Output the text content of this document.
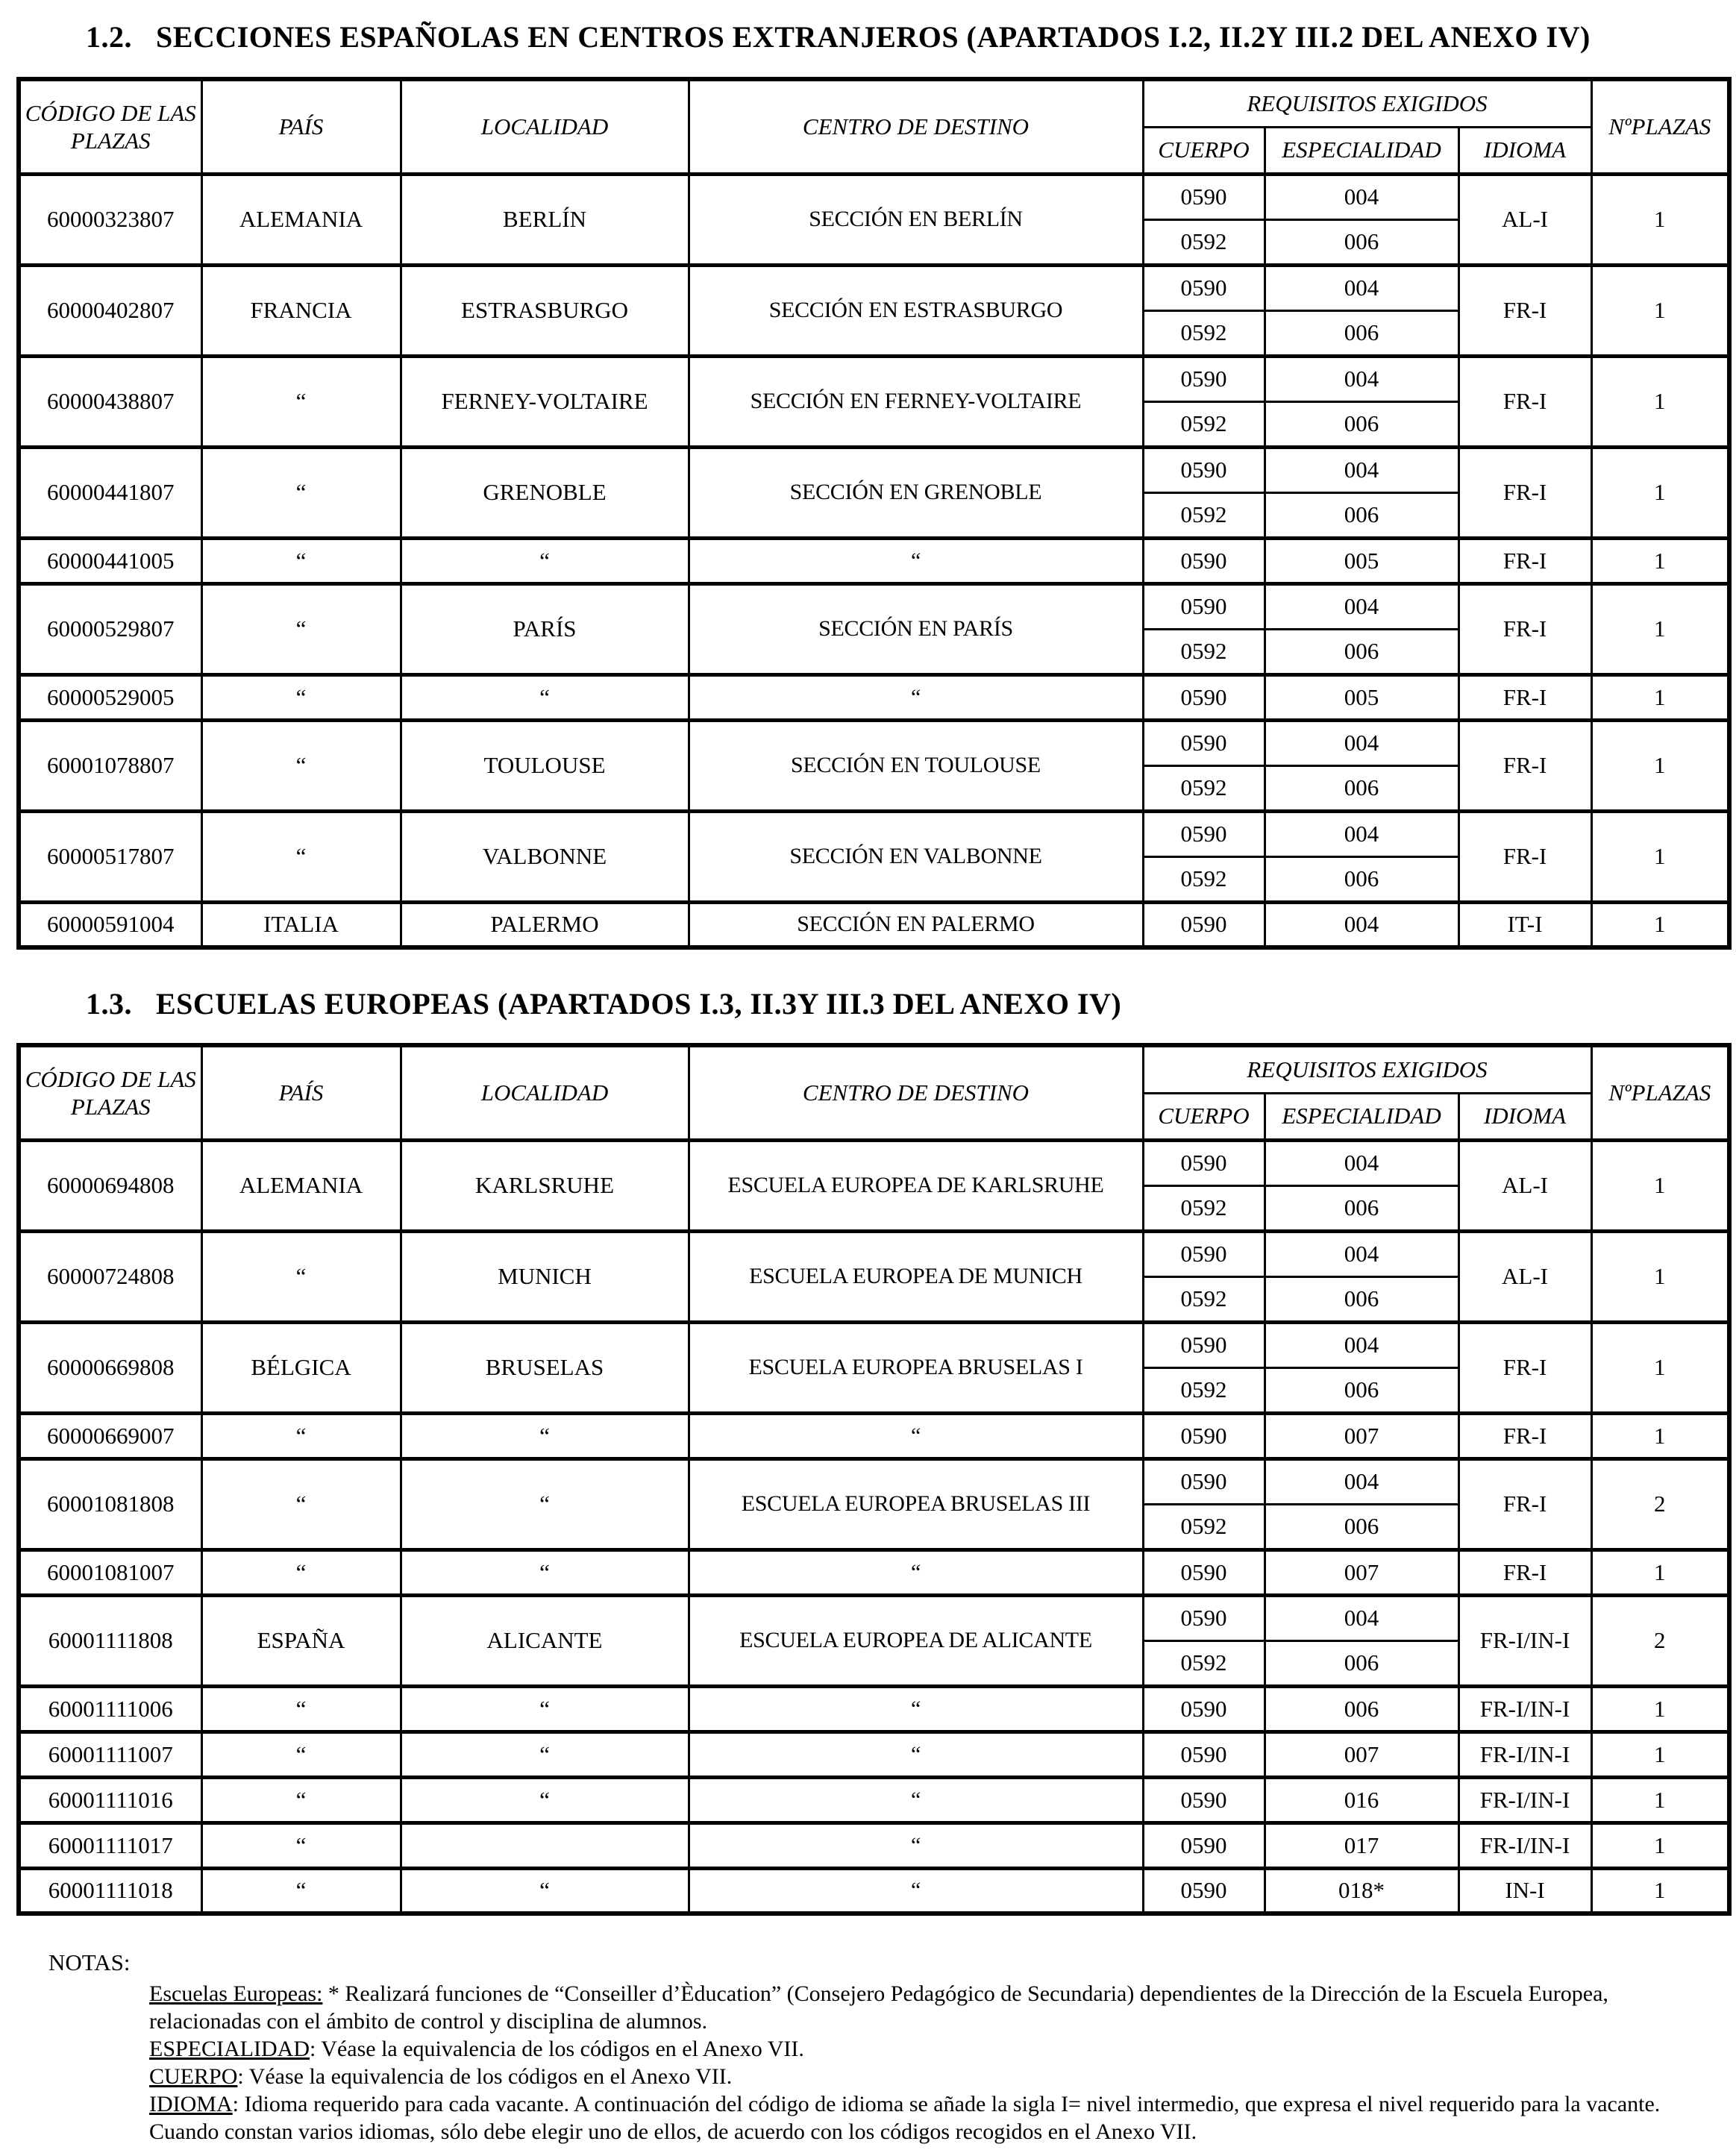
1.2. SECCIONES ESPAÑOLAS EN CENTROS EXTRANJEROS (APARTADOS I.2, II.2Y III.2 DEL ANEXO IV)
CÓDIGO DE LAS PLAZAS	PAÍS	LOCALIDAD	CENTRO DE DESTINO	REQUISITOS EXIGIDOS			NºPLAZAS
				CUERPO	ESPECIALIDAD	IDIOMA	
60000323807	ALEMANIA	BERLÍN	SECCIÓN EN BERLÍN	0590	004	AL-I	1
				0592	006		
60000402807	FRANCIA	ESTRASBURGO	SECCIÓN EN ESTRASBURGO	0590	004	FR-I	1
				0592	006		
60000438807	“	FERNEY-VOLTAIRE	SECCIÓN EN FERNEY-VOLTAIRE	0590	004	FR-I	1
				0592	006		
60000441807	“	GRENOBLE	SECCIÓN EN GRENOBLE	0590	004	FR-I	1
				0592	006		
60000441005	“	“	“	0590	005	FR-I	1
60000529807	“	PARÍS	SECCIÓN EN PARÍS	0590	004	FR-I	1
				0592	006		
60000529005	“	“	“	0590	005	FR-I	1
60001078807	“	TOULOUSE	SECCIÓN EN TOULOUSE	0590	004	FR-I	1
				0592	006		
60000517807	“	VALBONNE	SECCIÓN EN VALBONNE	0590	004	FR-I	1
				0592	006		
60000591004	ITALIA	PALERMO	SECCIÓN EN PALERMO	0590	004	IT-I	1
1.3. ESCUELAS EUROPEAS (APARTADOS I.3, II.3Y III.3 DEL ANEXO IV)
CÓDIGO DE LAS PLAZAS	PAÍS	LOCALIDAD	CENTRO DE DESTINO	REQUISITOS EXIGIDOS			NºPLAZAS
				CUERPO	ESPECIALIDAD	IDIOMA	
60000694808	ALEMANIA	KARLSRUHE	ESCUELA EUROPEA DE KARLSRUHE	0590	004	AL-I	1
				0592	006		
60000724808	“	MUNICH	ESCUELA EUROPEA DE MUNICH	0590	004	AL-I	1
				0592	006		
60000669808	BÉLGICA	BRUSELAS	ESCUELA EUROPEA BRUSELAS I	0590	004	FR-I	1
				0592	006		
60000669007	“	“	“	0590	007	FR-I	1
60001081808	“	“	ESCUELA EUROPEA BRUSELAS III	0590	004	FR-I	2
				0592	006		
60001081007	“	“	“	0590	007	FR-I	1
60001111808	ESPAÑA	ALICANTE	ESCUELA EUROPEA DE ALICANTE	0590	004	FR-I/IN-I	2
				0592	006		
60001111006	“	“	“	0590	006	FR-I/IN-I	1
60001111007	“	“	“	0590	007	FR-I/IN-I	1
60001111016	“	“	“	0590	016	FR-I/IN-I	1
60001111017	“		“	0590	017	FR-I/IN-I	1
60001111018	“	“	“	0590	018*	IN-I	1
NOTAS:
Escuelas Europeas: * Realizará funciones de “Conseiller d’Èducation” (Consejero Pedagógico de Secundaria) dependientes de la Dirección de la Escuela Europea, relacionadas con el ámbito de control y disciplina de alumnos.
ESPECIALIDAD: Véase la equivalencia de los códigos en el Anexo VII.
CUERPO: Véase la equivalencia de los códigos en el Anexo VII.
IDIOMA: Idioma requerido para cada vacante. A continuación del código de idioma se añade la sigla I= nivel intermedio, que expresa el nivel requerido para la vacante. Cuando constan varios idiomas, sólo debe elegir uno de ellos, de acuerdo con los códigos recogidos en el Anexo VII.
